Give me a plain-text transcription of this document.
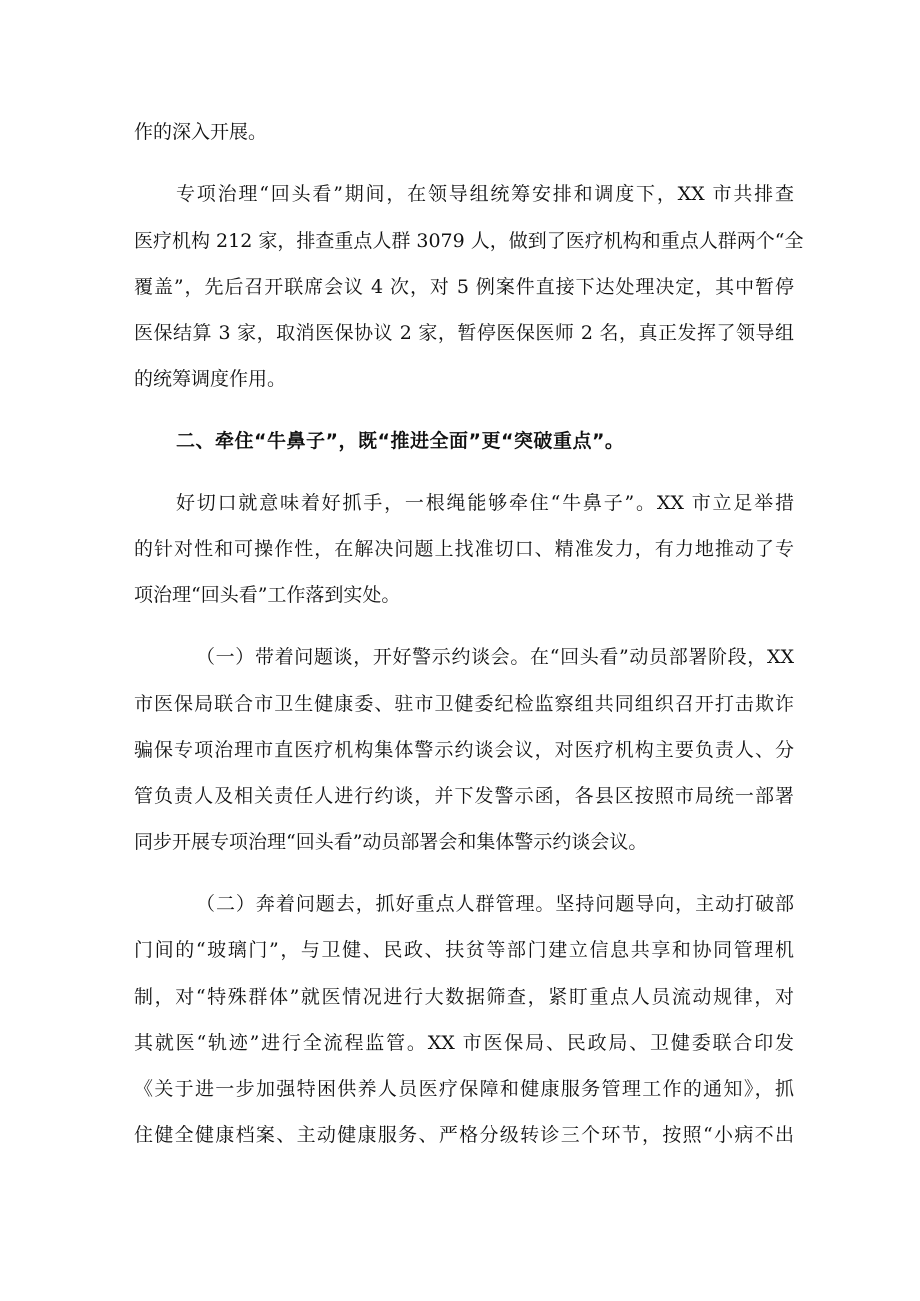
作的深入开展。
专项治理“回头看”期间，在领导组统筹安排和调度下，XX 市共排查
医疗机构 212 家，排查重点人群 3079 人，做到了医疗机构和重点人群两个“全
覆盖”，先后召开联席会议 4 次，对 5 例案件直接下达处理决定，其中暂停
医保结算 3 家，取消医保协议 2 家，暂停医保医师 2 名，真正发挥了领导组
的统筹调度作用。
二、牵住“牛鼻子”，既“推进全面”更“突破重点”。
好切口就意味着好抓手，一根绳能够牵住“牛鼻子”。XX 市立足举措
的针对性和可操作性，在解决问题上找准切口、精准发力，有力地推动了专
项治理“回头看”工作落到实处。
（一）带着问题谈，开好警示约谈会。在“回头看”动员部署阶段，XX
市医保局联合市卫生健康委、驻市卫健委纪检监察组共同组织召开打击欺诈
骗保专项治理市直医疗机构集体警示约谈会议，对医疗机构主要负责人、分
管负责人及相关责任人进行约谈，并下发警示函，各县区按照市局统一部署
同步开展专项治理“回头看”动员部署会和集体警示约谈会议。
（二）奔着问题去，抓好重点人群管理。坚持问题导向，主动打破部
门间的“玻璃门”，与卫健、民政、扶贫等部门建立信息共享和协同管理机
制，对“特殊群体”就医情况进行大数据筛查，紧盯重点人员流动规律，对
其就医“轨迹”进行全流程监管。XX 市医保局、民政局、卫健委联合印发
《关于进一步加强特困供养人员医疗保障和健康服务管理工作的通知》，抓
住健全健康档案、主动健康服务、严格分级转诊三个环节，按照“小病不出
